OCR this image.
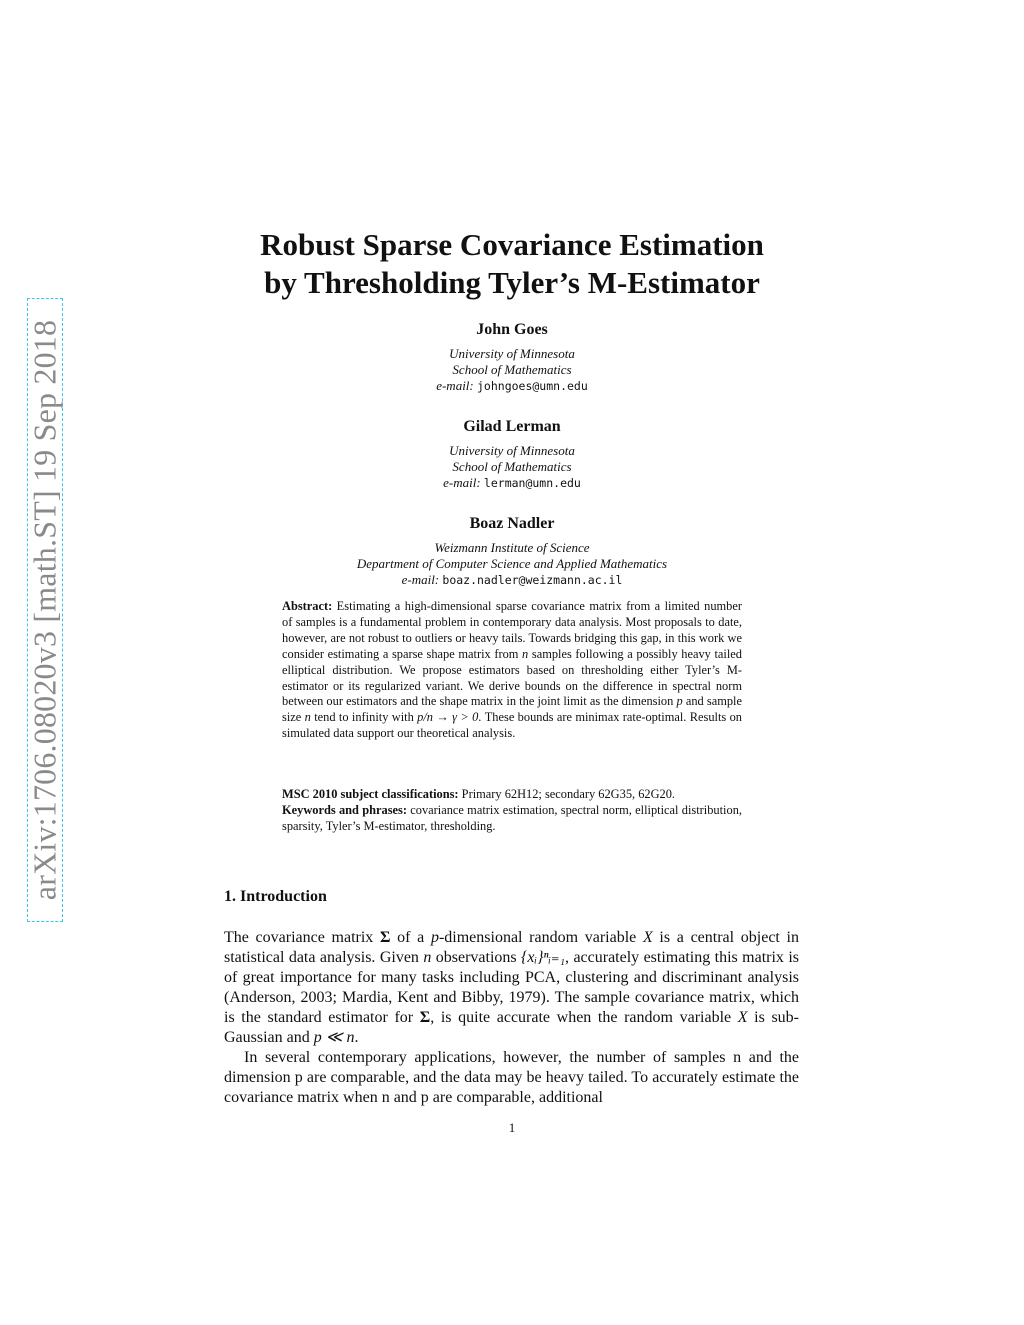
arXiv:1706.08020v3 [math.ST] 19 Sep 2018
Robust Sparse Covariance Estimation
by Thresholding Tyler’s M-Estimator
John Goes
University of Minnesota
School of Mathematics
e-mail: johngoes@umn.edu
Gilad Lerman
University of Minnesota
School of Mathematics
e-mail: lerman@umn.edu
Boaz Nadler
Weizmann Institute of Science
Department of Computer Science and Applied Mathematics
e-mail: boaz.nadler@weizmann.ac.il
Abstract: Estimating a high-dimensional sparse covariance matrix from a limited number of samples is a fundamental problem in contemporary data analysis. Most proposals to date, however, are not robust to outliers or heavy tails. Towards bridging this gap, in this work we consider estimating a sparse shape matrix from n samples following a possibly heavy tailed elliptical distribution. We propose estimators based on thresholding either Tyler’s M-estimator or its regularized variant. We derive bounds on the difference in spectral norm between our estimators and the shape matrix in the joint limit as the dimension p and sample size n tend to infinity with p/n → γ > 0. These bounds are minimax rate-optimal. Results on simulated data support our theoretical analysis.
MSC 2010 subject classifications: Primary 62H12; secondary 62G35, 62G20.
Keywords and phrases: covariance matrix estimation, spectral norm, elliptical distribution, sparsity, Tyler’s M-estimator, thresholding.
1. Introduction

The covariance matrix Σ of a p-dimensional random variable X is a central object in statistical data analysis. Given n observations {xᵢ}ⁿᵢ₌₁, accurately estimating this matrix is of great importance for many tasks including PCA, clustering and discriminant analysis (Anderson, 2003; Mardia, Kent and Bibby, 1979). The sample covariance matrix, which is the standard estimator for Σ, is quite accurate when the random variable X is sub-Gaussian and p ≪ n.

In several contemporary applications, however, the number of samples n and the dimension p are comparable, and the data may be heavy tailed. To accurately estimate the covariance matrix when n and p are comparable, additional

1
